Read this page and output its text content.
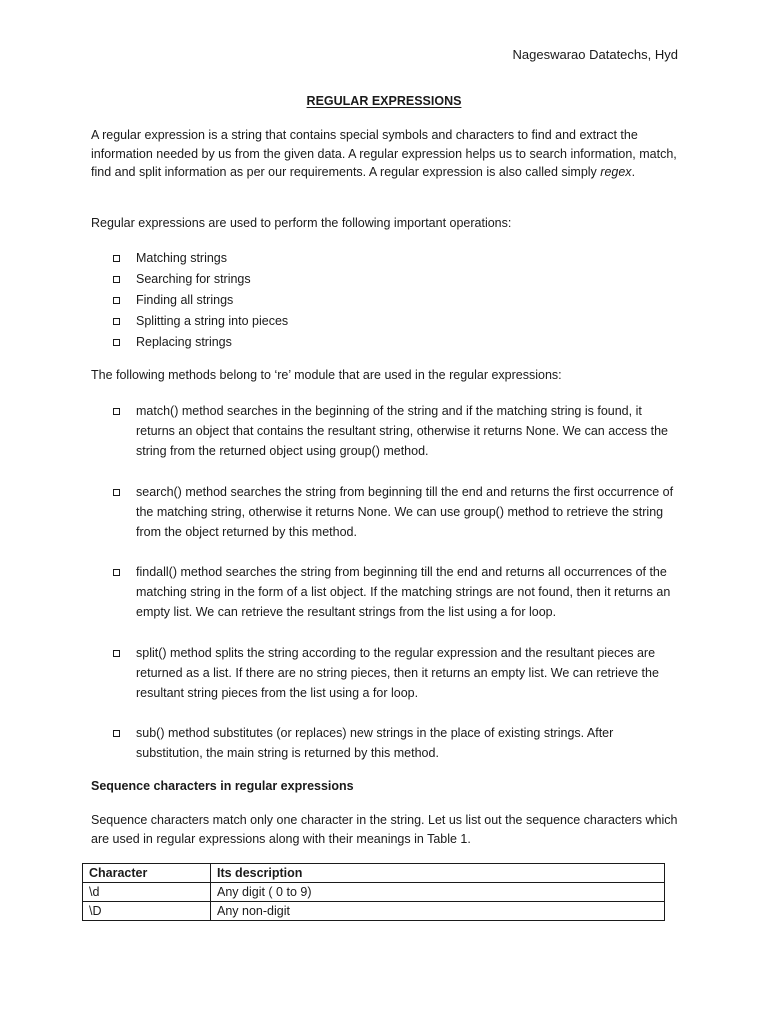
Nageswarao Datatechs, Hyd
REGULAR EXPRESSIONS
A regular expression is a string that contains special symbols and characters to find and extract the information needed by us from the given data. A regular expression helps us to search information, match, find and split information as per our requirements. A regular expression is also called simply regex.
Regular expressions are used to perform the following important operations:
Matching strings
Searching for strings
Finding all strings
Splitting a string into pieces
Replacing strings
The following methods belong to ‘re’ module that are used in the regular expressions:
match() method searches in the beginning of the string and if the matching string is found, it returns an object that contains the resultant string, otherwise it returns None. We can access the string from the returned object using group() method.
search() method searches the string from beginning till the end and returns the first occurrence of the matching string, otherwise it returns None. We can use group() method to retrieve the string from the object returned by this method.
findall() method searches the string from beginning till the end and returns all occurrences of the matching string in the form of a list object. If the matching strings are not found, then it returns an empty list. We can retrieve the resultant strings from the list using a for loop.
split() method splits the string according to the regular expression and the resultant pieces are returned as a list. If there are no string pieces, then it returns an empty list. We can retrieve the resultant string pieces from the list using a for loop.
sub() method substitutes (or replaces) new strings in the place of existing strings. After substitution, the main string is returned by this method.
Sequence characters in regular expressions
Sequence characters match only one character in the string. Let us list out the sequence characters which are used in regular expressions along with their meanings in Table 1.
Character	Its description
\d	Any digit ( 0 to 9)
\D	Any non-digit
